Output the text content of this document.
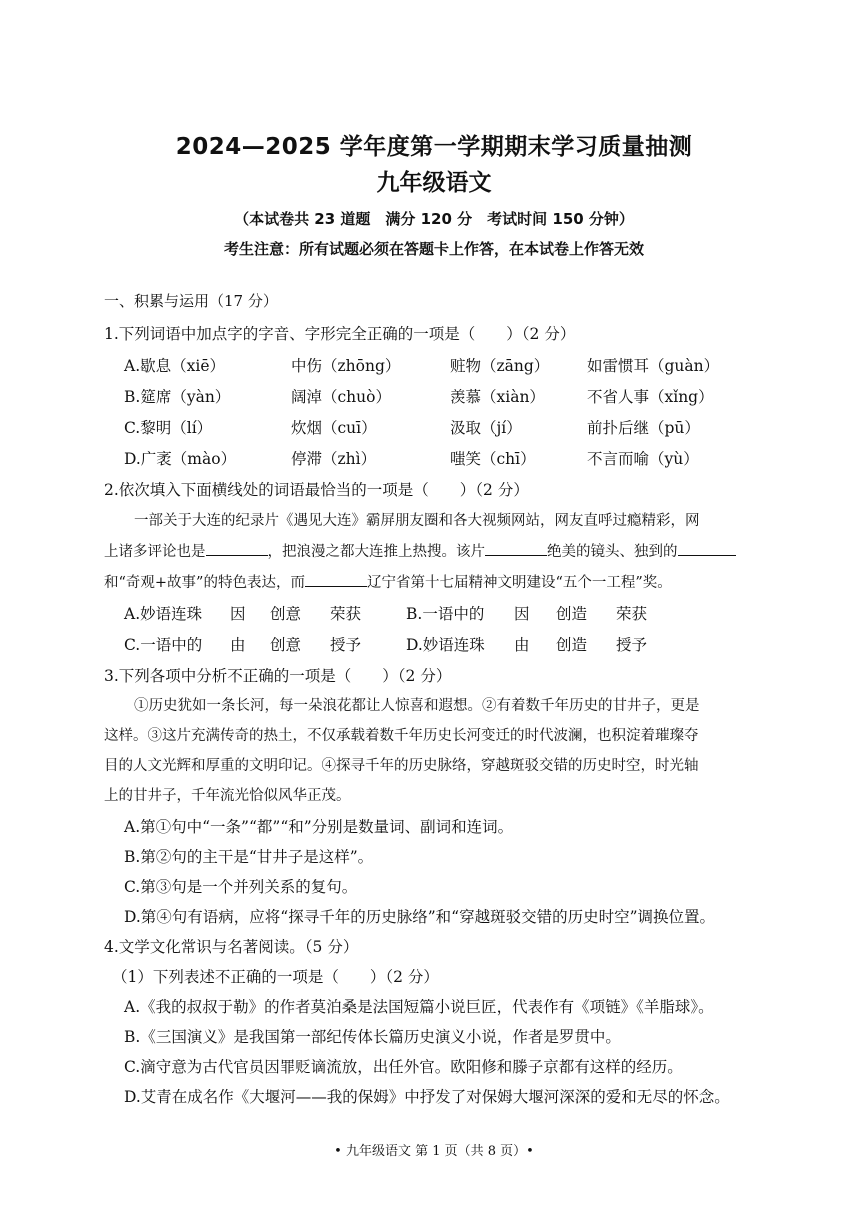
2024—2025 学年度第一学期期末学习质量抽测
九年级语文
（本试卷共 23 道题　满分 120 分　考试时间 150 分钟）
考生注意：所有试题必须在答题卡上作答，在本试卷上作答无效
一、积累与运用（17 分）
1.下列词语中加点字的字音、字形完全正确的一项是（　　）（2 分）
A.歇息（xiē）	中伤（zhōng）	赃物（zāng） 如雷惯耳（guàn）
B.筵席（yàn）	阔淖（chuò）	羡慕（xiàn）	不省人事（xǐng）
C.黎明（lí）	炊烟（cuī）	汲取（jí）	前扑后继（pū）
D.广袤（mào）	停滞（zhì）	嗤笑（chī）	不言而喻（yù）
2.依次填入下面横线处的词语最恰当的一项是（　　）（2 分）
一部关于大连的纪录片《遇见大连》霸屏朋友圈和各大视频网站，网友直呼过瘾精彩，网
上诸多评论也是	，把浪漫之都大连推上热搜。该片	绝美的镜头、独到的
和“奇观+故事”的特色表达，而	辽宁省第十七届精神文明建设“五个一工程”奖。
A.妙语连珠 因 创意 荣获	B.一语中的 因 创造 荣获
C.一语中的 由 创意 授予	D.妙语连珠 由 创造 授予
3.下列各项中分析不正确的一项是（　　）（2 分）
①历史犹如一条长河，每一朵浪花都让人惊喜和遐想。②有着数千年历史的甘井子，更是
这样。③这片充满传奇的热土，不仅承载着数千年历史长河变迁的时代波澜，也积淀着璀璨夺
目的人文光辉和厚重的文明印记。④探寻千年的历史脉络，穿越斑驳交错的历史时空，时光轴
上的甘井子，千年流光恰似风华正茂。
A.第①句中“一条”“都”“和”分别是数量词、副词和连词。
B.第②句的主干是“甘井子是这样”。
C.第③句是一个并列关系的复句。
D.第④句有语病，应将“探寻千年的历史脉络”和“穿越斑驳交错的历史时空”调换位置。
4.文学文化常识与名著阅读。（5 分）
（1）下列表述不正确的一项是（　　）（2 分）
A.《我的叔叔于勒》的作者莫泊桑是法国短篇小说巨匠，代表作有《项链》《羊脂球》。
B.《三国演义》是我国第一部纪传体长篇历史演义小说，作者是罗贯中。
C.滴守意为古代官员因罪贬谪流放，出任外官。欧阳修和滕子京都有这样的经历。
D.艾青在成名作《大堰河——我的保姆》中抒发了对保姆大堰河深深的爱和无尽的怀念。
• 九年级语文 第 1 页（共 8 页）•
